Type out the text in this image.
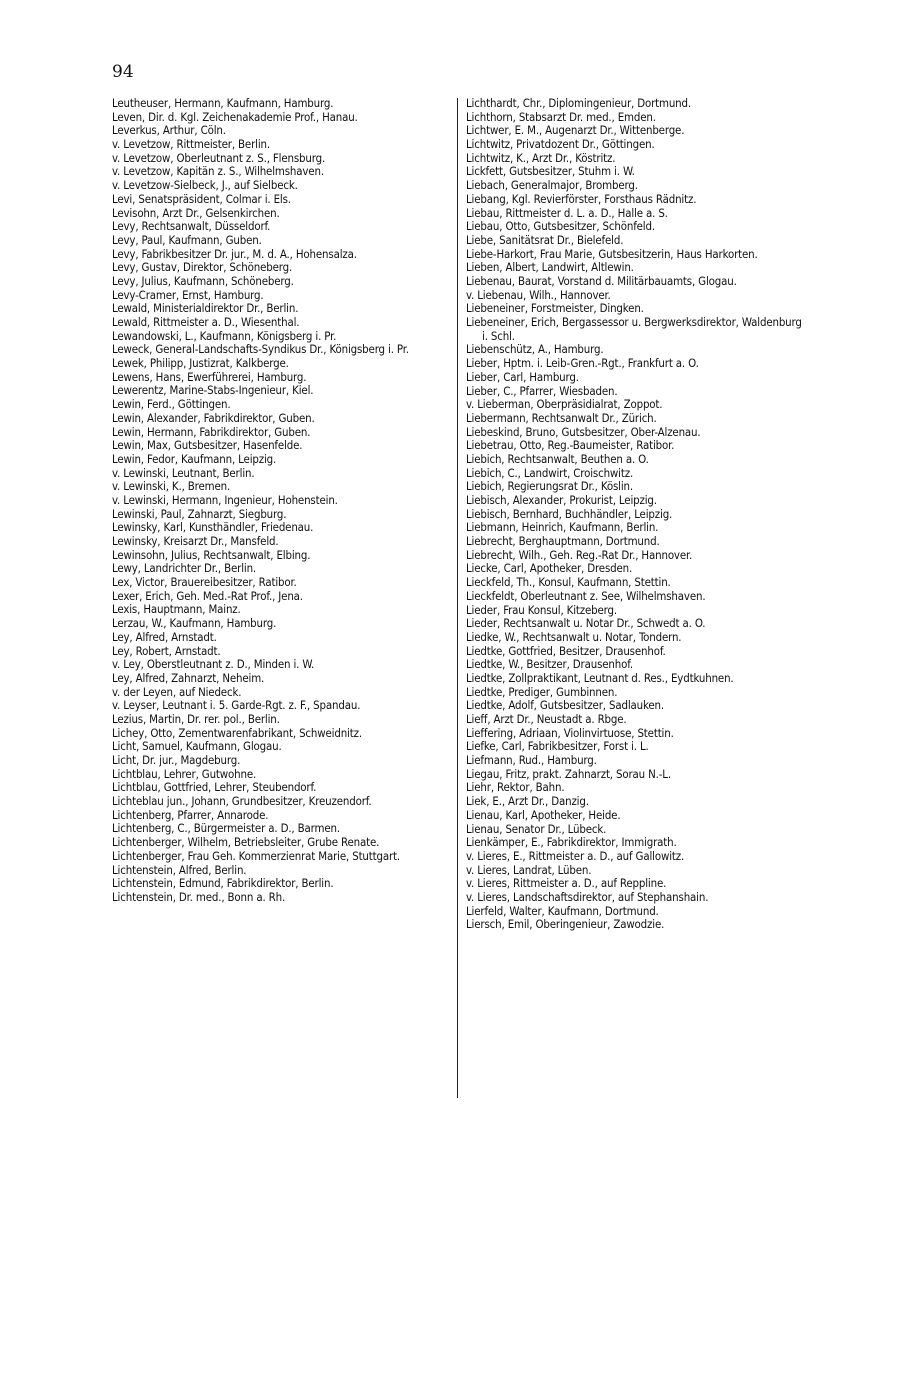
94
Leutheuser, Hermann, Kaufmann, Hamburg.
Leven, Dir. d. Kgl. Zeichenakademie Prof., Hanau.
Leverkus, Arthur, Cöln.
v. Levetzow, Rittmeister, Berlin.
v. Levetzow, Oberleutnant z. S., Flensburg.
v. Levetzow, Kapitän z. S., Wilhelmshaven.
v. Levetzow-Sielbeck, J., auf Sielbeck.
Levi, Senatspräsident, Colmar i. Els.
Levisohn, Arzt Dr., Gelsenkirchen.
Levy, Rechtsanwalt, Düsseldorf.
Levy, Paul, Kaufmann, Guben.
Levy, Fabrikbesitzer Dr. jur., M. d. A., Hohensalza.
Levy, Gustav, Direktor, Schöneberg.
Levy, Julius, Kaufmann, Schöneberg.
Levy-Cramer, Ernst, Hamburg.
Lewald, Ministerialdirektor Dr., Berlin.
Lewald, Rittmeister a. D., Wiesenthal.
Lewandowski, L., Kaufmann, Königsberg i. Pr.
Leweck, General-Landschafts-Syndikus Dr., Königsberg i. Pr.
Lewek, Philipp, Justizrat, Kalkberge.
Lewens, Hans, Ewerführerei, Hamburg.
Lewerentz, Marine-Stabs-Ingenieur, Kiel.
Lewin, Ferd., Göttingen.
Lewin, Alexander, Fabrikdirektor, Guben.
Lewin, Hermann, Fabrikdirektor, Guben.
Lewin, Max, Gutsbesitzer, Hasenfelde.
Lewin, Fedor, Kaufmann, Leipzig.
v. Lewinski, Leutnant, Berlin.
v. Lewinski, K., Bremen.
v. Lewinski, Hermann, Ingenieur, Hohenstein.
Lewinski, Paul, Zahnarzt, Siegburg.
Lewinsky, Karl, Kunsthändler, Friedenau.
Lewinsky, Kreisarzt Dr., Mansfeld.
Lewinsohn, Julius, Rechtsanwalt, Elbing.
Lewy, Landrichter Dr., Berlin.
Lex, Victor, Brauereibesitzer, Ratibor.
Lexer, Erich, Geh. Med.-Rat Prof., Jena.
Lexis, Hauptmann, Mainz.
Lerzau, W., Kaufmann, Hamburg.
Ley, Alfred, Arnstadt.
Ley, Robert, Arnstadt.
v. Ley, Oberstleutnant z. D., Minden i. W.
Ley, Alfred, Zahnarzt, Neheim.
v. der Leyen, auf Niedeck.
v. Leyser, Leutnant i. 5. Garde-Rgt. z. F., Spandau.
Lezius, Martin, Dr. rer. pol., Berlin.
Lichey, Otto, Zementwarenfabrikant, Schweidnitz.
Licht, Samuel, Kaufmann, Glogau.
Licht, Dr. jur., Magdeburg.
Lichtblau, Lehrer, Gutwohne.
Lichtblau, Gottfried, Lehrer, Steubendorf.
Lichteblau jun., Johann, Grundbesitzer, Kreuzendorf.
Lichtenberg, Pfarrer, Annarode.
Lichtenberg, C., Bürgermeister a. D., Barmen.
Lichtenberger, Wilhelm, Betriebsleiter, Grube Renate.
Lichtenberger, Frau Geh. Kommerzienrat Marie, Stuttgart.
Lichtenstein, Alfred, Berlin.
Lichtenstein, Edmund, Fabrikdirektor, Berlin.
Lichtenstein, Dr. med., Bonn a. Rh.
Lichthardt, Chr., Diplomingenieur, Dortmund.
Lichthorn, Stabsarzt Dr. med., Emden.
Lichtwer, E. M., Augenarzt Dr., Wittenberge.
Lichtwitz, Privatdozent Dr., Göttingen.
Lichtwitz, K., Arzt Dr., Köstritz.
Lickfett, Gutsbesitzer, Stuhm i. W.
Liebach, Generalmajor, Bromberg.
Liebang, Kgl. Revierförster, Forsthaus Rädnitz.
Liebau, Rittmeister d. L. a. D., Halle a. S.
Liebau, Otto, Gutsbesitzer, Schönfeld.
Liebe, Sanitätsrat Dr., Bielefeld.
Liebe-Harkort, Frau Marie, Gutsbesitzerin, Haus Harkorten.
Lieben, Albert, Landwirt, Altlewin.
Liebenau, Baurat, Vorstand d. Militärbauamts, Glogau.
v. Liebenau, Wilh., Hannover.
Liebeneiner, Forstmeister, Dingken.
Liebeneiner, Erich, Bergassessor u. Bergwerksdirektor, Waldenburg i. Schl.
Liebenschütz, A., Hamburg.
Lieber, Hptm. i. Leib-Gren.-Rgt., Frankfurt a. O.
Lieber, Carl, Hamburg.
Lieber, C., Pfarrer, Wiesbaden.
v. Lieberman, Oberpräsidialrat, Zoppot.
Liebermann, Rechtsanwalt Dr., Zürich.
Liebeskind, Bruno, Gutsbesitzer, Ober-Alzenau.
Liebetrau, Otto, Reg.-Baumeister, Ratibor.
Liebich, Rechtsanwalt, Beuthen a. O.
Liebich, C., Landwirt, Croischwitz.
Liebich, Regierungsrat Dr., Köslin.
Liebisch, Alexander, Prokurist, Leipzig.
Liebisch, Bernhard, Buchhändler, Leipzig.
Liebmann, Heinrich, Kaufmann, Berlin.
Liebrecht, Berghauptmann, Dortmund.
Liebrecht, Wilh., Geh. Reg.-Rat Dr., Hannover.
Liecke, Carl, Apotheker, Dresden.
Lieckfeld, Th., Konsul, Kaufmann, Stettin.
Lieckfeldt, Oberleutnant z. See, Wilhelmshaven.
Lieder, Frau Konsul, Kitzeberg.
Lieder, Rechtsanwalt u. Notar Dr., Schwedt a. O.
Liedke, W., Rechtsanwalt u. Notar, Tondern.
Liedtke, Gottfried, Besitzer, Drausenhof.
Liedtke, W., Besitzer, Drausenhof.
Liedtke, Zollpraktikant, Leutnant d. Res., Eydtkuhnen.
Liedtke, Prediger, Gumbinnen.
Liedtke, Adolf, Gutsbesitzer, Sadlauken.
Lieff, Arzt Dr., Neustadt a. Rbge.
Lieffering, Adriaan, Violinvirtuose, Stettin.
Liefke, Carl, Fabrikbesitzer, Forst i. L.
Liefmann, Rud., Hamburg.
Liegau, Fritz, prakt. Zahnarzt, Sorau N.-L.
Liehr, Rektor, Bahn.
Liek, E., Arzt Dr., Danzig.
Lienau, Karl, Apotheker, Heide.
Lienau, Senator Dr., Lübeck.
Lienkämper, E., Fabrikdirektor, Immigrath.
v. Lieres, E., Rittmeister a. D., auf Gallowitz.
v. Lieres, Landrat, Lüben.
v. Lieres, Rittmeister a. D., auf Reppline.
v. Lieres, Landschaftsdirektor, auf Stephanshain.
Lierfeld, Walter, Kaufmann, Dortmund.
Liersch, Emil, Oberingenieur, Zawodzie.
